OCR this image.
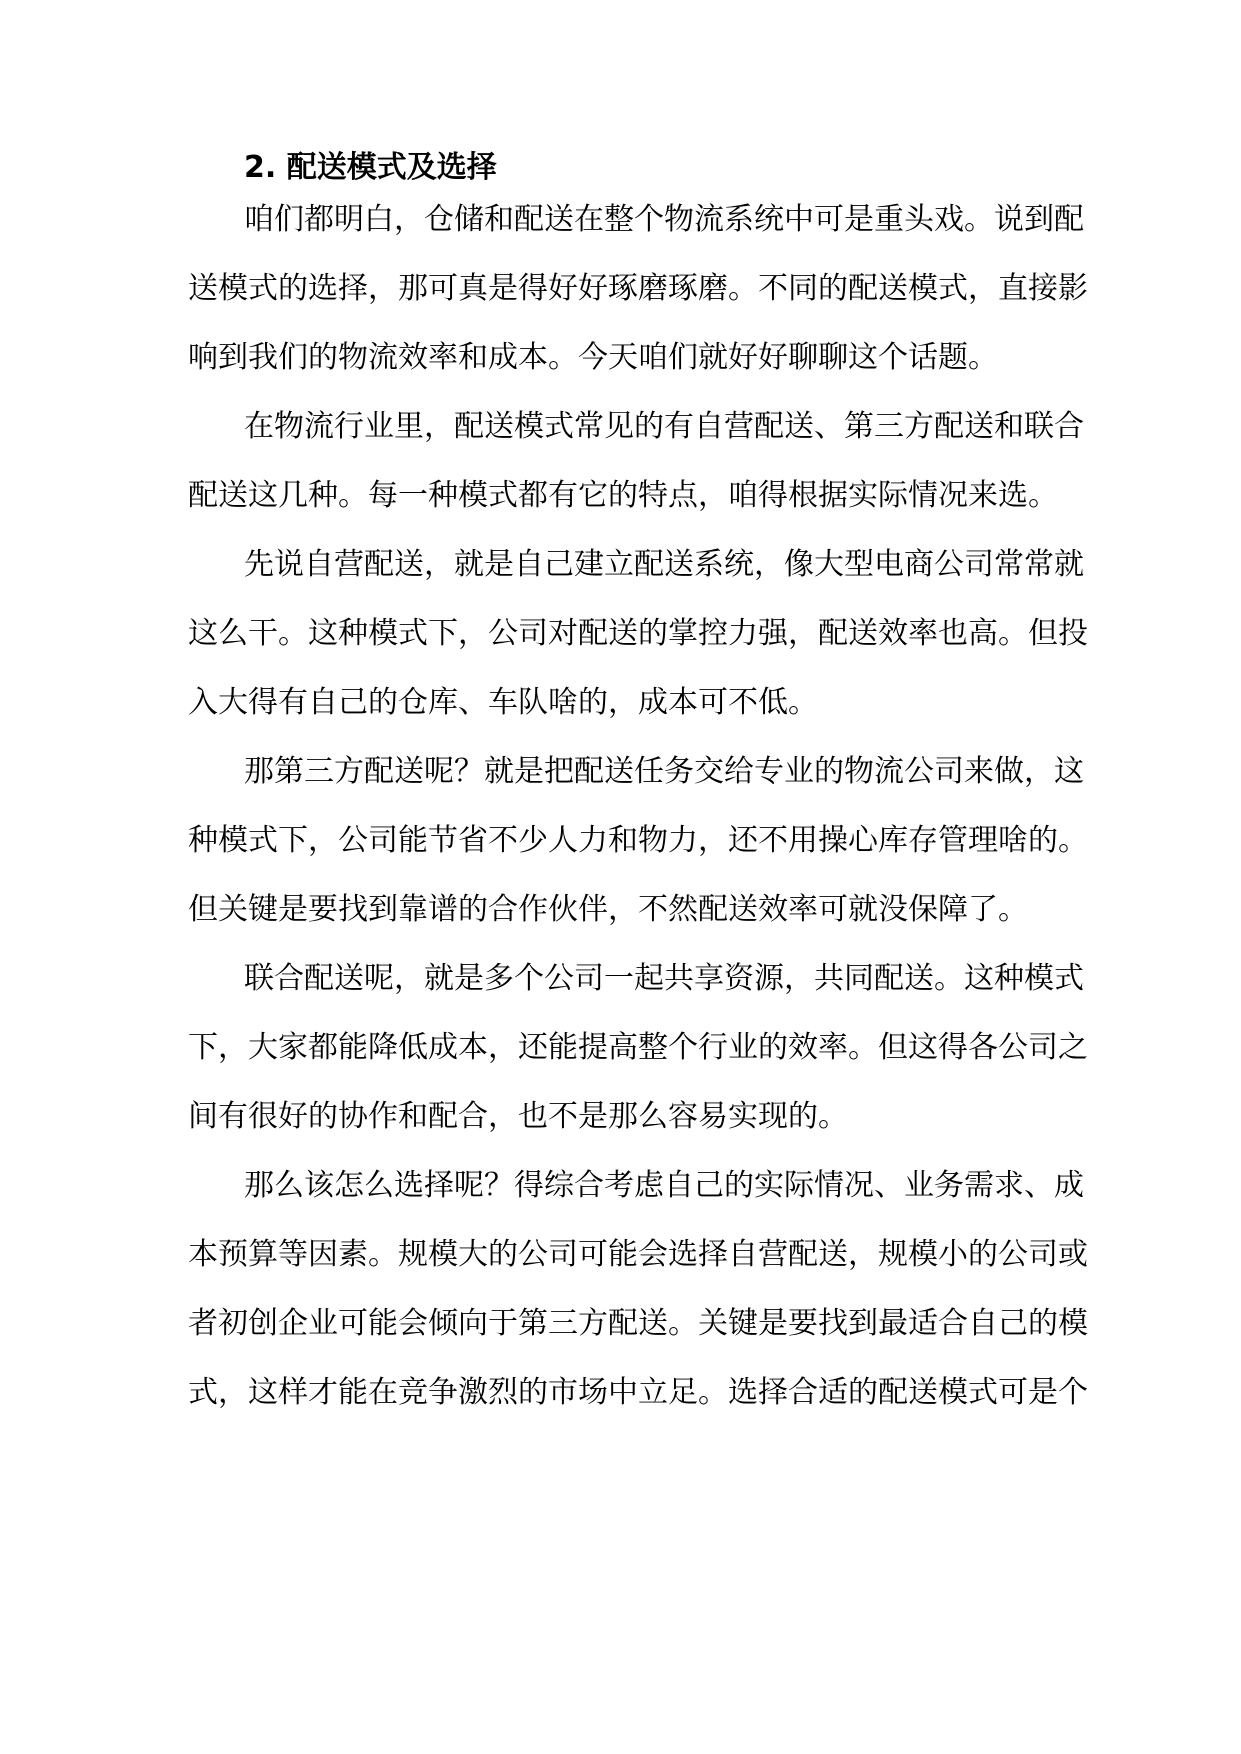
2. 配送模式及选择
咱们都明白，仓储和配送在整个物流系统中可是重头戏。说到配
送模式的选择，那可真是得好好琢磨琢磨。不同的配送模式，直接影
响到我们的物流效率和成本。今天咱们就好好聊聊这个话题。
在物流行业里，配送模式常见的有自营配送、第三方配送和联合
配送这几种。每一种模式都有它的特点，咱得根据实际情况来选。
先说自营配送，就是自己建立配送系统，像大型电商公司常常就
这么干。这种模式下，公司对配送的掌控力强，配送效率也高。但投
入大得有自己的仓库、车队啥的，成本可不低。
那第三方配送呢？就是把配送任务交给专业的物流公司来做，这
种模式下，公司能节省不少人力和物力，还不用操心库存管理啥的。
但关键是要找到靠谱的合作伙伴，不然配送效率可就没保障了。
联合配送呢，就是多个公司一起共享资源，共同配送。这种模式
下，大家都能降低成本，还能提高整个行业的效率。但这得各公司之
间有很好的协作和配合，也不是那么容易实现的。
那么该怎么选择呢？得综合考虑自己的实际情况、业务需求、成
本预算等因素。规模大的公司可能会选择自营配送，规模小的公司或
者初创企业可能会倾向于第三方配送。关键是要找到最适合自己的模
式，这样才能在竞争激烈的市场中立足。选择合适的配送模式可是个
